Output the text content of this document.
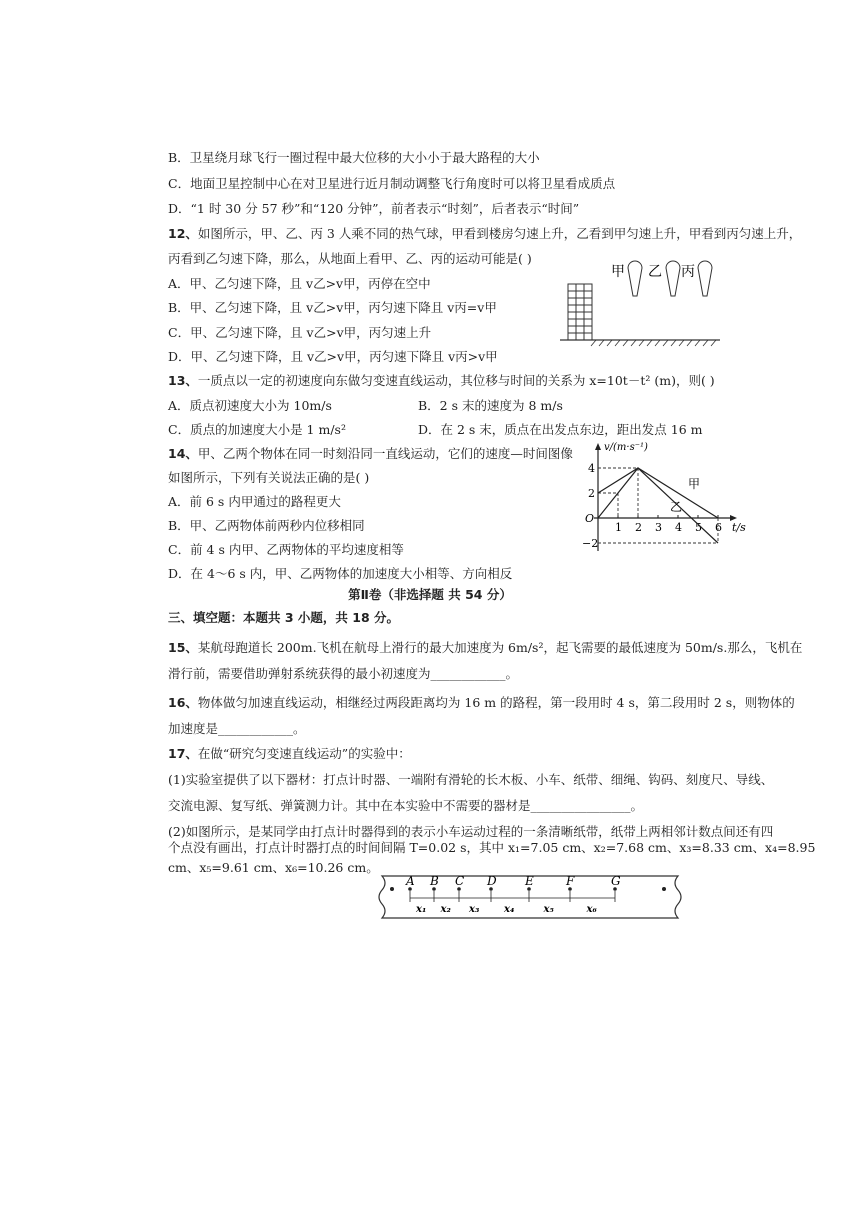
B．卫星绕月球飞行一圈过程中最大位移的大小小于最大路程的大小
C．地面卫星控制中心在对卫星进行近月制动调整飞行角度时可以将卫星看成质点
D．“1 时 30 分 57 秒”和“120 分钟”，前者表示“时刻”，后者表示“时间”
12、如图所示，甲、乙、丙 3 人乘不同的热气球，甲看到楼房匀速上升，乙看到甲匀速上升，甲看到丙匀速上升，
丙看到乙匀速下降，那么，从地面上看甲、乙、丙的运动可能是( )
A．甲、乙匀速下降，且 v乙>v甲，丙停在空中
B．甲、乙匀速下降，且 v乙>v甲，丙匀速下降且 v丙=v甲
C．甲、乙匀速下降，且 v乙>v甲，丙匀速上升
D．甲、乙匀速下降，且 v乙>v甲，丙匀速下降且 v丙>v甲
甲 乙 丙
13、一质点以一定的初速度向东做匀变速直线运动，其位移与时间的关系为 x=10t－t² (m)，则( )
A．质点初速度大小为 10m/s	B．2 s 末的速度为 8 m/s
C．质点的加速度大小是 1 m/s²	D．在 2 s 末，质点在出发点东边，距出发点 16 m
14、甲、乙两个物体在同一时刻沿同一直线运动，它们的速度—时间图像
如图所示，下列有关说法正确的是( )
A．前 6 s 内甲通过的路程更大
B．甲、乙两物体前两秒内位移相同
C．前 4 s 内甲、乙两物体的平均速度相等
D．在 4～6 s 内，甲、乙两物体的加速度大小相等、方向相反
v/(m·s⁻¹)
t/s
O
1 2 3 4 5 6
4
2
−2
甲
乙
第Ⅱ卷（非选择题 共 54 分）
三、填空题：本题共 3 小题，共 18 分。
15、某航母跑道长 200m.飞机在航母上滑行的最大加速度为 6m/s²，起飞需要的最低速度为 50m/s.那么，飞机在
滑行前，需要借助弹射系统获得的最小初速度为____________。
16、物体做匀加速直线运动，相继经过两段距离均为 16 m 的路程，第一段用时 4 s，第二段用时 2 s，则物体的
加速度是____________。
17、在做“研究匀变速直线运动”的实验中：
(1)实验室提供了以下器材：打点计时器、一端附有滑轮的长木板、小车、纸带、细绳、钩码、刻度尺、导线、
交流电源、复写纸、弹簧测力计。其中在本实验中不需要的器材是________________。
(2)如图所示，是某同学由打点计时器得到的表示小车运动过程的一条清晰纸带，纸带上两相邻计数点间还有四
个点没有画出，打点计时器打点的时间间隔 T=0.02 s，其中 x₁=7.05 cm、x₂=7.68 cm、x₃=8.33 cm、x₄=8.95
cm、x₅=9.61 cm、x₆=10.26 cm。
A B C D E	F	G
x₁ x₂ x₃ x₄	x₅	x₆
